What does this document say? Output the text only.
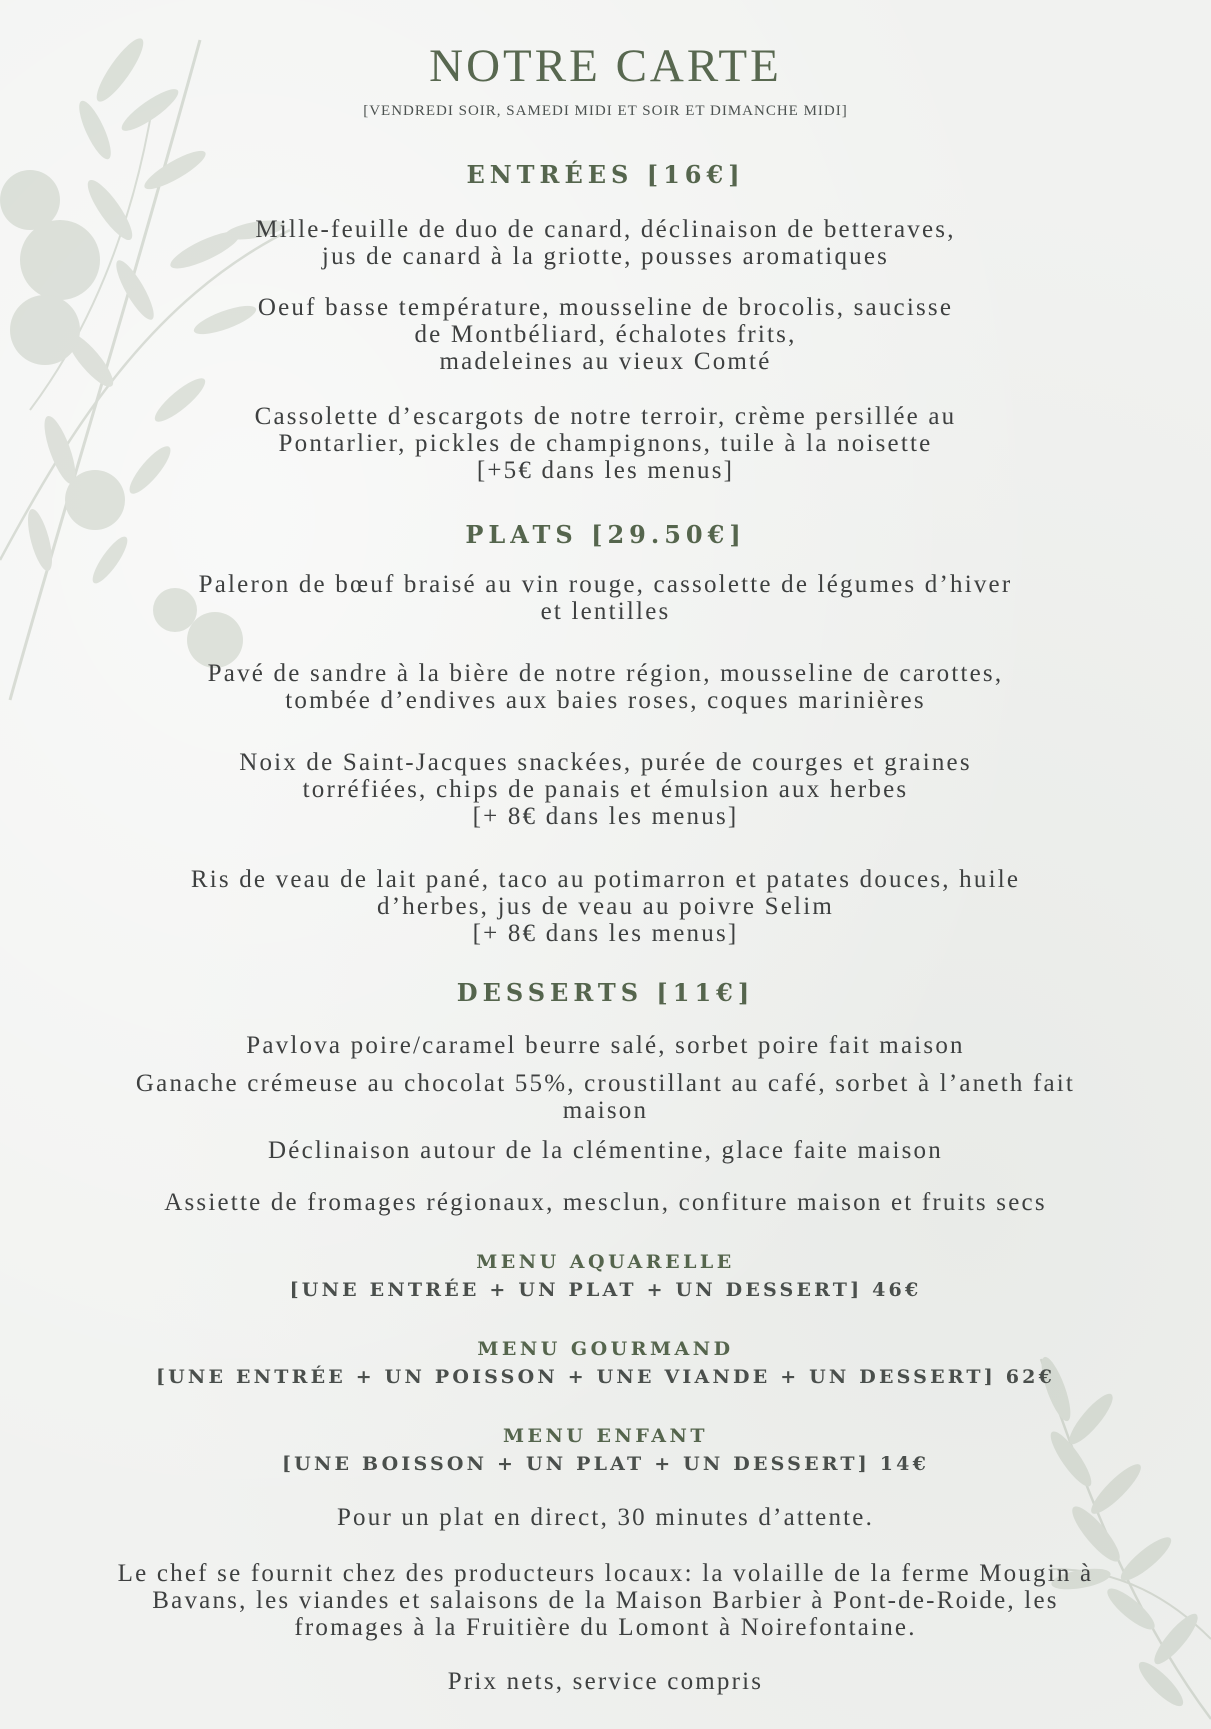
NOTRE CARTE
[VENDREDI SOIR, SAMEDI MIDI ET SOIR ET DIMANCHE MIDI]
ENTRÉES [16€]
Mille-feuille de duo de canard, déclinaison de betteraves,
jus de canard à la griotte, pousses aromatiques
Oeuf basse température, mousseline de brocolis, saucisse
de Montbéliard, échalotes frits,
madeleines au vieux Comté
Cassolette d’escargots de notre terroir, crème persillée au
Pontarlier, pickles de champignons, tuile à la noisette
[+5€ dans les menus]
PLATS [29.50€]
Paleron de bœuf braisé au vin rouge, cassolette de légumes d’hiver
et lentilles
Pavé de sandre à la bière de notre région, mousseline de carottes,
tombée d’endives aux baies roses, coques marinières
Noix de Saint-Jacques snackées, purée de courges et graines
torréfiées, chips de panais et émulsion aux herbes
[+ 8€ dans les menus]
Ris de veau de lait pané, taco au potimarron et patates douces, huile
d’herbes, jus de veau au poivre Selim
[+ 8€ dans les menus]
DESSERTS [11€]
Pavlova poire/caramel beurre salé, sorbet poire fait maison
Ganache crémeuse au chocolat 55%, croustillant au café, sorbet à l’aneth fait
maison
Déclinaison autour de la clémentine, glace faite maison
Assiette de fromages régionaux, mesclun, confiture maison et fruits secs
MENU AQUARELLE
[UNE ENTRÉE + UN PLAT + UN DESSERT] 46€
MENU GOURMAND
[UNE ENTRÉE + UN POISSON + UNE VIANDE + UN DESSERT] 62€
MENU ENFANT
[UNE BOISSON + UN PLAT + UN DESSERT] 14€
Pour un plat en direct, 30 minutes d’attente.
Le chef se fournit chez des producteurs locaux: la volaille de la ferme Mougin à
Bavans, les viandes et salaisons de la Maison Barbier à Pont-de-Roide, les
fromages à la Fruitière du Lomont à Noirefontaine.
Prix nets, service compris
